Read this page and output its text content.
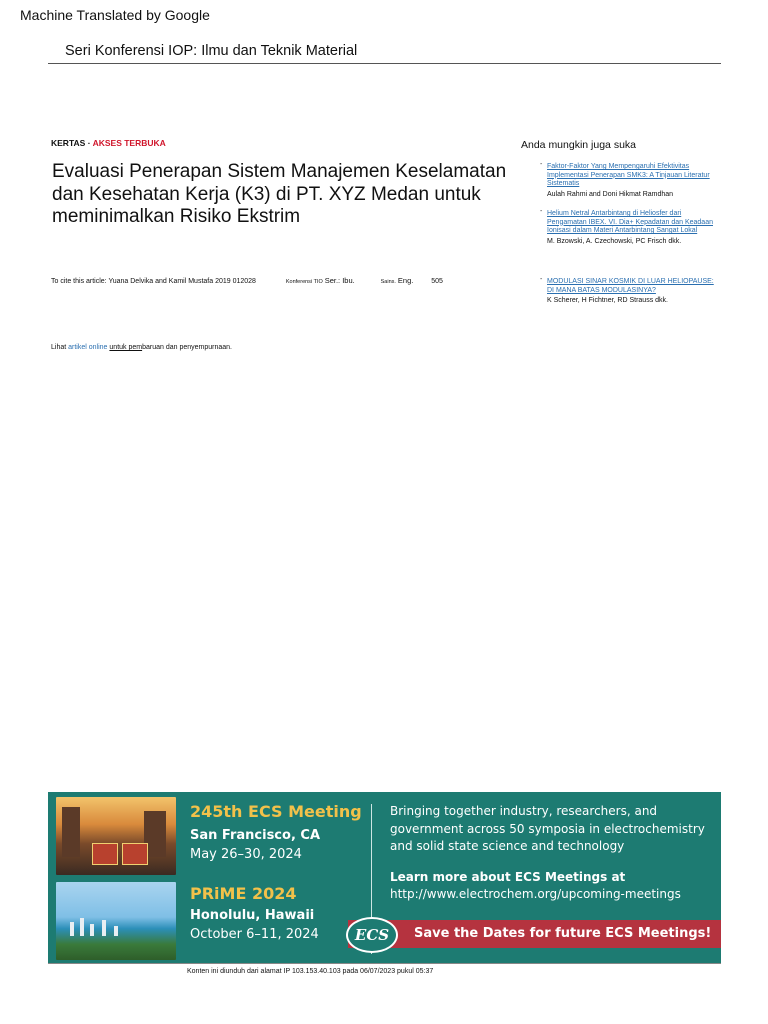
Machine Translated by Google
Seri Konferensi IOP: Ilmu dan Teknik Material
KERTAS · AKSES TERBUKA
Evaluasi Penerapan Sistem Manajemen Keselamatan dan Kesehatan Kerja (K3) di PT. XYZ Medan untuk meminimalkan Risiko Ekstrim
To cite this article: Yuana Delvika and Kamil Mustafa 2019 012028	Konferensi TIO Ser.: Ibu.	Sains. Eng.	505
Lihat artikel online untuk pembaruan dan penyempurnaan.
Anda mungkin juga suka
- Faktor-Faktor Yang Mempengaruhi Efektivitas Implementasi Penerapan SMK3: A Tinjauan Literatur Sistematis
Aulah Rahmi and Doni Hikmat Ramdhan
- Helium Netral Antarbintang di Heliosfer dari Pengamatan IBEX. VI. Dia+ Kepadatan dan Keadaan Ionisasi dalam Materi Antarbintang Sangat Lokal
M. Bzowski, A. Czechowski, PC Frisch dkk.
- MODULASI SINAR KOSMIK DI LUAR HELIOPAUSE: DI MANA BATAS MODULASINYA?
K Scherer, H Fichtner, RD Strauss dkk.
245th ECS Meeting
San Francisco, CA
May 26–30, 2024
PRiME 2024
Honolulu, Hawaii
October 6–11, 2024
Bringing together industry, researchers, and
government across 50 symposia in electrochemistry
and solid state science and technology
Learn more about ECS Meetings at
http://www.electrochem.org/upcoming-meetings
ECS	Save the Dates for future ECS Meetings!
Konten ini diunduh dari alamat IP 103.153.40.103 pada 06/07/2023 pukul 05:37
